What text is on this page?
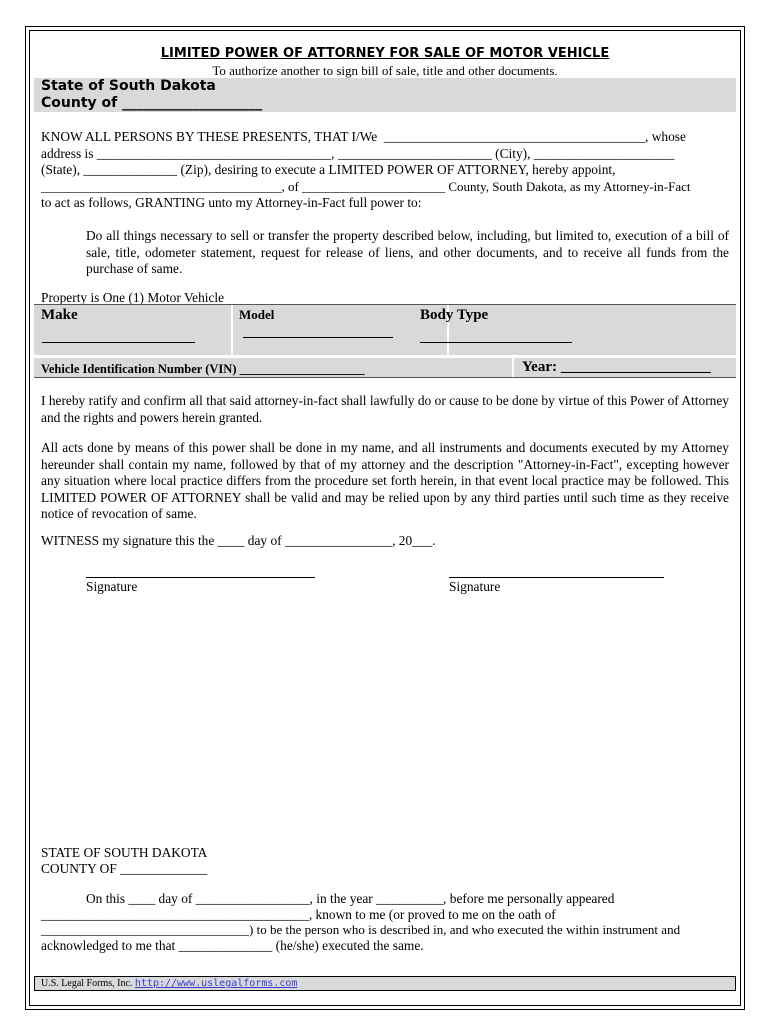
LIMITED POWER OF ATTORNEY FOR SALE OF MOTOR VEHICLE
To authorize another to sign bill of sale, title and other documents.
State of South Dakota
County of ____________________
KNOW ALL PERSONS BY THESE PRESENTS, THAT I/We  _______________________________________, whose
address is ___________________________________, _______________________ (City), _____________________
(State), ______________ (Zip), desiring to execute a LIMITED POWER OF ATTORNEY, hereby appoint,
_____________________________________, of ______________________ County, South Dakota, as my Attorney-in-Fact
to act as follows, GRANTING unto my Attorney-in-Fact full power to:
Do all things necessary to sell or transfer the property described below, including, but limited to, execution of a bill of sale, title, odometer statement, request for release of liens, and other documents, and to receive all funds from the purchase of same.
Property is One (1) Motor Vehicle
Make	Model	Body Type
Vehicle Identification Number (VIN) ____________________	Year: ____________________
I hereby ratify and confirm all that said attorney-in-fact shall lawfully do or cause to be done by virtue of this Power of Attorney and the rights and powers herein granted.
All acts done by means of this power shall be done in my name, and all instruments and documents executed by my Attorney hereunder shall contain my name, followed by that of my attorney and the description "Attorney-in-Fact", excepting however any situation where local practice differs from the procedure set forth herein, in that event local practice may be followed. This LIMITED POWER OF ATTORNEY shall be valid and may be relied upon by any third parties until such time as they receive notice of revocation of same.
WITNESS my signature this the ____ day of ________________, 20___.
Signature	Signature
STATE OF SOUTH DAKOTA
COUNTY OF _____________
On this ____ day of _________________, in the year __________, before me personally appeared
________________________________________, known to me (or proved to me on the oath of
________________________________) to be the person who is described in, and who executed the within instrument and
acknowledged to me that ______________ (he/she) executed the same.
U.S. Legal Forms, Inc. http://www.uslegalforms.com
